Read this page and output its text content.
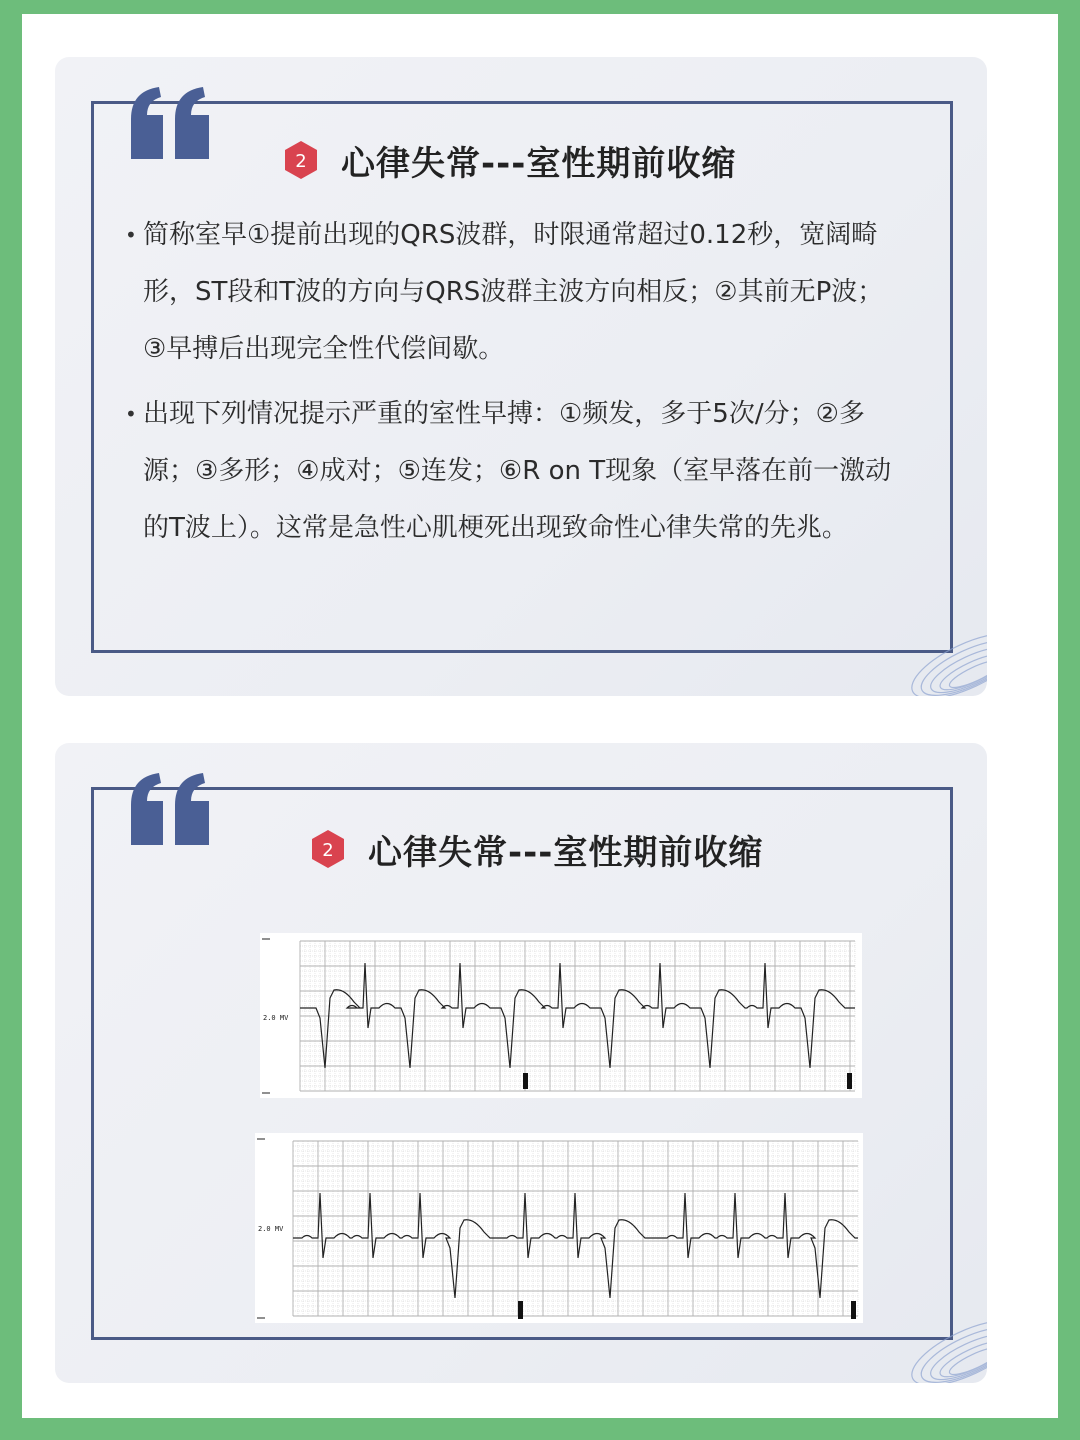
2 心律失常---室性期前收缩
• 简称室早①提前出现的QRS波群，时限通常超过0.12秒，宽阔畸形，ST段和T波的方向与QRS波群主波方向相反；②其前无P波；③早搏后出现完全性代偿间歇。
• 出现下列情况提示严重的室性早搏：①频发，多于5次/分；②多源；③多形；④成对；⑤连发；⑥R on T现象（室早落在前一激动的T波上）。这常是急性心肌梗死出现致命性心律失常的先兆。
2 心律失常---室性期前收缩
2.0 MV
2.0 MV
